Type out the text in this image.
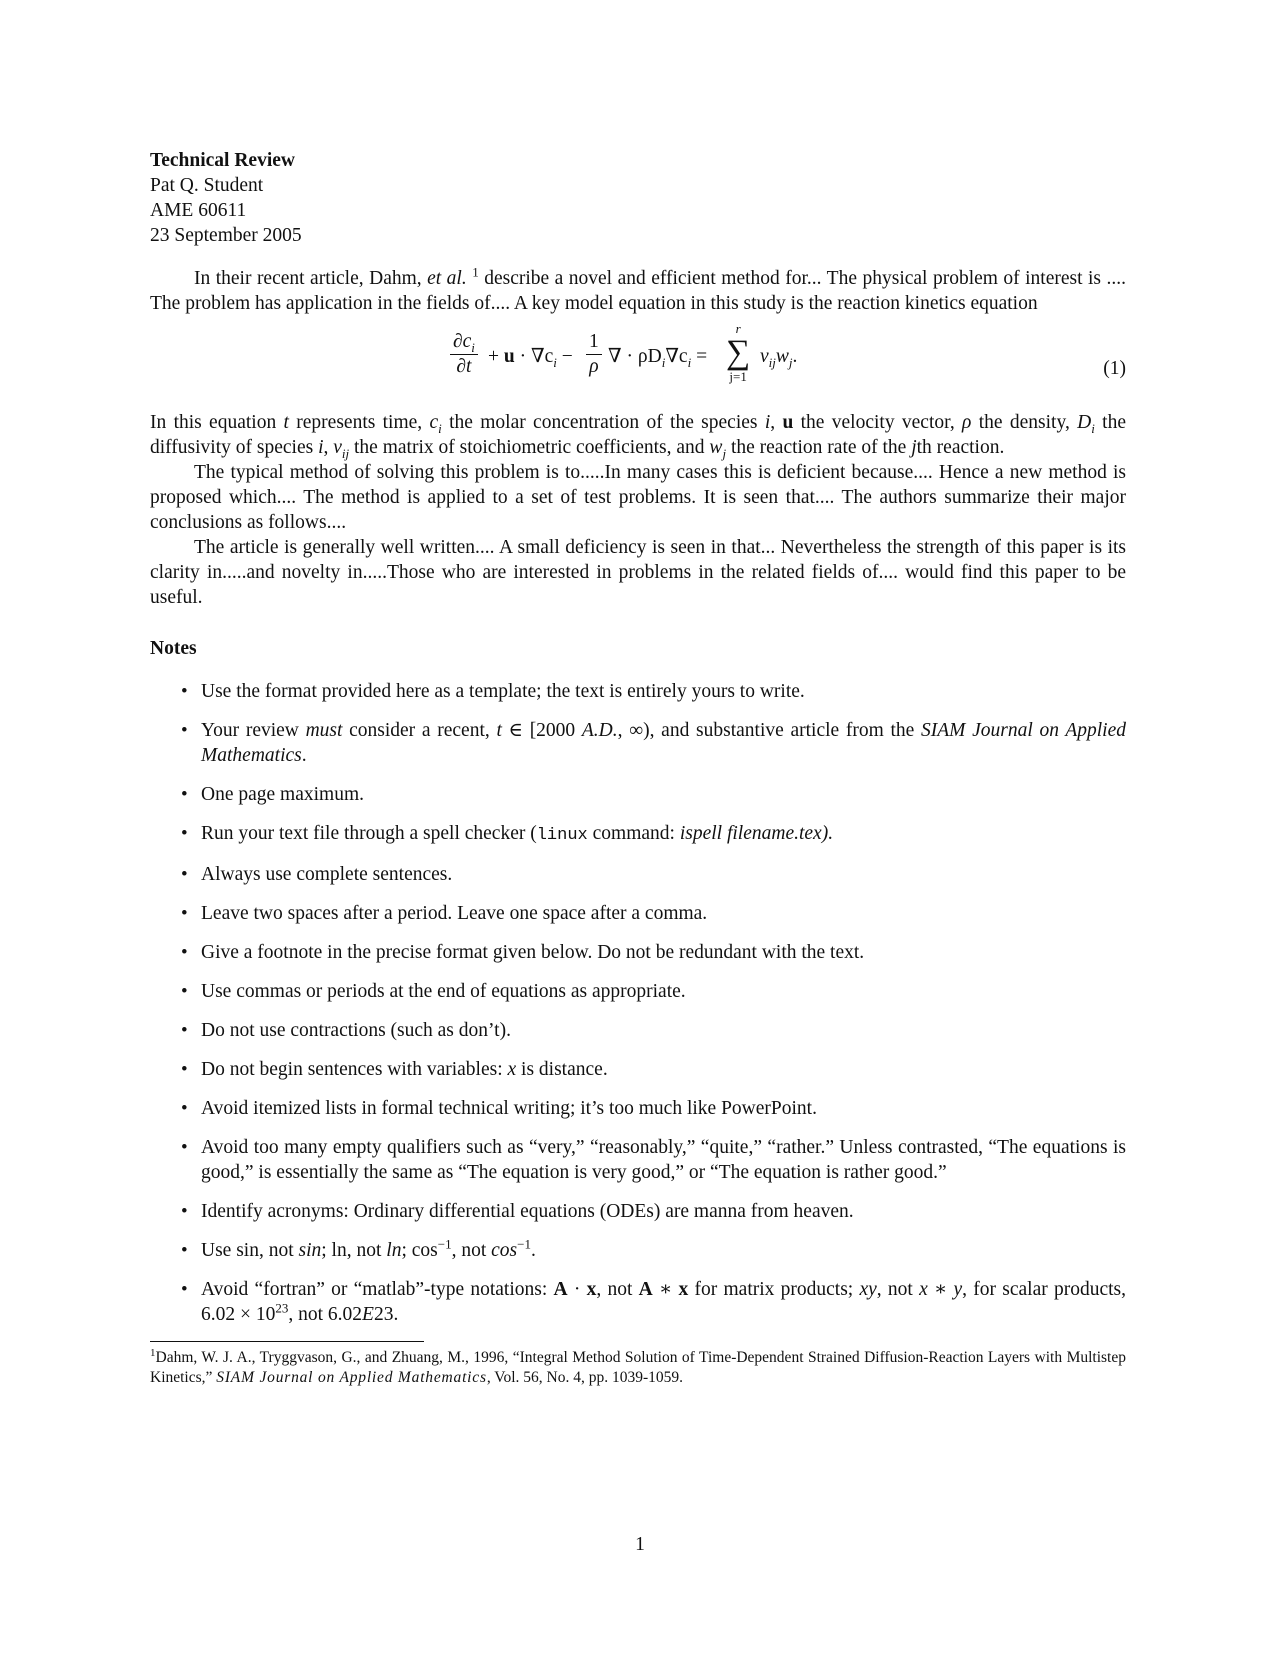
Technical Review
Pat Q. Student
AME 60611
23 September 2005

In their recent article, Dahm, et al. $^1$ describe a novel and efficient method for... The physical problem of interest is .... The problem has application in the fields of.... A key model equation in this study is the reaction kinetics equation

$\frac{\partial c_i}{\partial t} + u \cdot \nabla c_i - \frac{1}{\rho}$ ∇ · $\rho D_i\nabla c_i$ =
r
∑
j=1
$\nu_{ij}w_j$.
(1)

In this equation t represents time, $c_i$ the molar concentration of the species i, u the velocity vector, ρ the density, $D_i$ the diffusivity of species i, $\nu_{ij}$ the matrix of stoichiometric coefficients, and $w_j$ the reaction rate of the jth reaction.

The typical method of solving this problem is to.....In many cases this is deficient because.... Hence a new method is proposed which.... The method is applied to a set of test problems. It is seen that.... The authors summarize their major conclusions as follows....

The article is generally well written.... A small deficiency is seen in that... Nevertheless the strength of this paper is its clarity in.....and novelty in.....Those who are interested in problems in the related fields of.... would find this paper to be useful.

Notes
• Use the format provided here as a template; the text is entirely yours to write.
• Your review must consider a recent, t ∈ [2000 A.D., ∞), and substantive article from the SIAM Journal on Applied Mathematics.
• One page maximum.
• Run your text file through a spell checker (linux command: ispell filename.tex).
• Always use complete sentences.
• Leave two spaces after a period. Leave one space after a comma.
• Give a footnote in the precise format given below. Do not be redundant with the text.
• Use commas or periods at the end of equations as appropriate.
• Do not use contractions (such as don’t).
• Do not begin sentences with variables: x is distance.
• Avoid itemized lists in formal technical writing; it’s too much like PowerPoint.
• Avoid too many empty qualifiers such as “very,” “reasonably,” “quite,” “rather.” Unless contrasted, “The equations is good,” is essentially the same as “The equation is very good,” or “The equation is rather good.”
• Identify acronyms: Ordinary differential equations (ODEs) are manna from heaven.
• Use sin, not sin; ln, not ln; $\cos^{-1}$, not $\cos^{-1}$.
• Avoid “fortran” or “matlab”-type notations: A · x, not A ∗ x for matrix products; xy, not x ∗ y, for scalar products, $6.02 \times 10^{23}$, not 6.02E23.
$^1$Dahm, W. J. A., Tryggvason, G., and Zhuang, M., 1996, “Integral Method Solution of Time-Dependent Strained Diffusion-Reaction Layers with Multistep Kinetics,” SIAM Journal on Applied Mathematics, Vol. 56, No. 4, pp. 1039-1059.
1
